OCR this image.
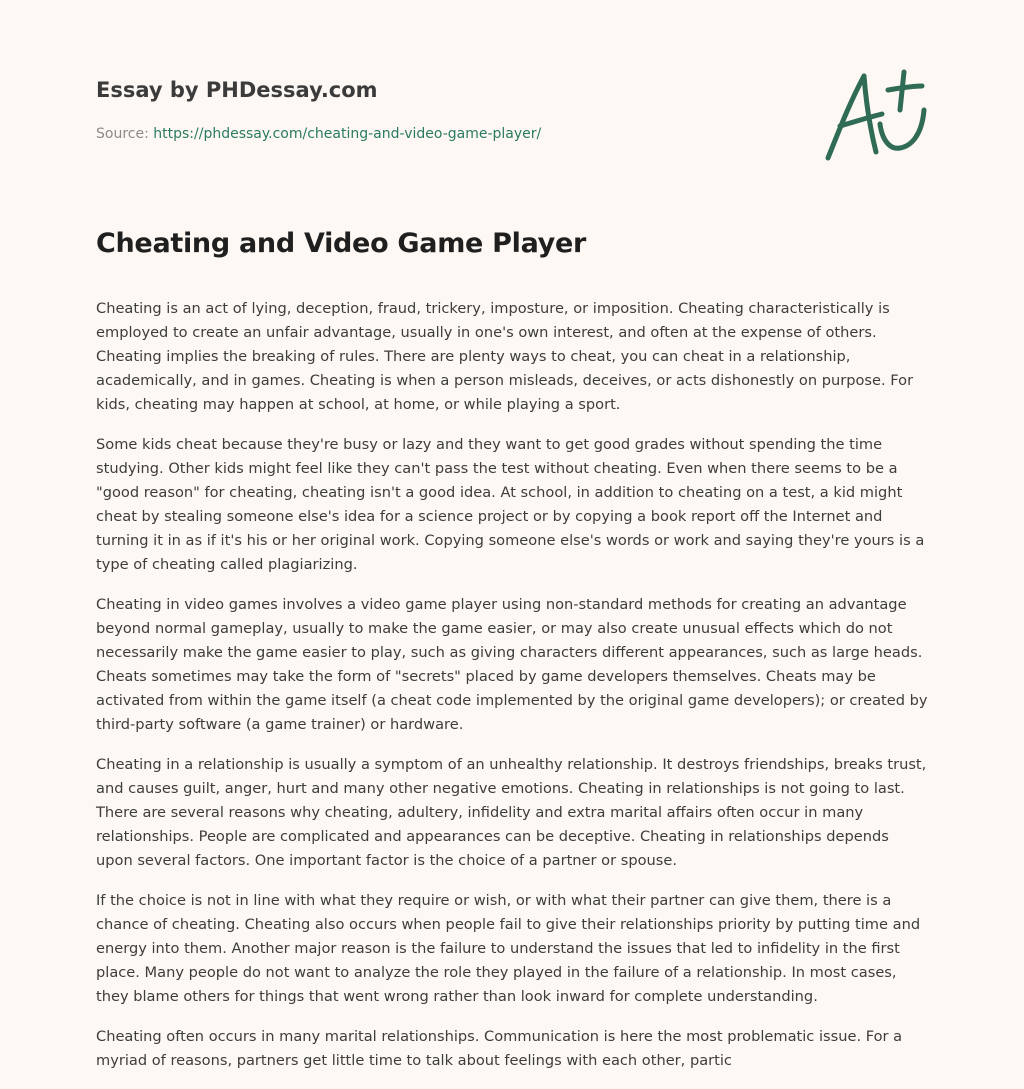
Essay by PHDessay.com
Source: https://phdessay.com/cheating-and-video-game-player/
Cheating and Video Game Player

Cheating is an act of lying, deception, fraud, trickery, imposture, or imposition. Cheating characteristically is employed to create an unfair advantage, usually in one's own interest, and often at the expense of others. Cheating implies the breaking of rules. There are plenty ways to cheat, you can cheat in a relationship, academically, and in games. Cheating is when a person misleads, deceives, or acts dishonestly on purpose. For kids, cheating may happen at school, at home, or while playing a sport.

Some kids cheat because they're busy or lazy and they want to get good grades without spending the time studying. Other kids might feel like they can't pass the test without cheating. Even when there seems to be a "good reason" for cheating, cheating isn't a good idea. At school, in addition to cheating on a test, a kid might cheat by stealing someone else's idea for a science project or by copying a book report off the Internet and turning it in as if it's his or her original work. Copying someone else's words or work and saying they're yours is a type of cheating called plagiarizing.

Cheating in video games involves a video game player using non-standard methods for creating an advantage beyond normal gameplay, usually to make the game easier, or may also create unusual effects which do not necessarily make the game easier to play, such as giving characters different appearances, such as large heads. Cheats sometimes may take the form of "secrets" placed by game developers themselves. Cheats may be activated from within the game itself (a cheat code implemented by the original game developers); or created by third-party software (a game trainer) or hardware.

Cheating in a relationship is usually a symptom of an unhealthy relationship. It destroys friendships, breaks trust, and causes guilt, anger, hurt and many other negative emotions. Cheating in relationships is not going to last. There are several reasons why cheating, adultery, infidelity and extra marital affairs often occur in many relationships. People are complicated and appearances can be deceptive. Cheating in relationships depends upon several factors. One important factor is the choice of a partner or spouse.

If the choice is not in line with what they require or wish, or with what their partner can give them, there is a chance of cheating. Cheating also occurs when people fail to give their relationships priority by putting time and energy into them. Another major reason is the failure to understand the issues that led to infidelity in the first place. Many people do not want to analyze the role they played in the failure of a relationship. In most cases, they blame others for things that went wrong rather than look inward for complete understanding.

Cheating often occurs in many marital relationships. Communication is here the most problematic issue. For a myriad of reasons, partners get little time to talk about feelings with each other, partic
